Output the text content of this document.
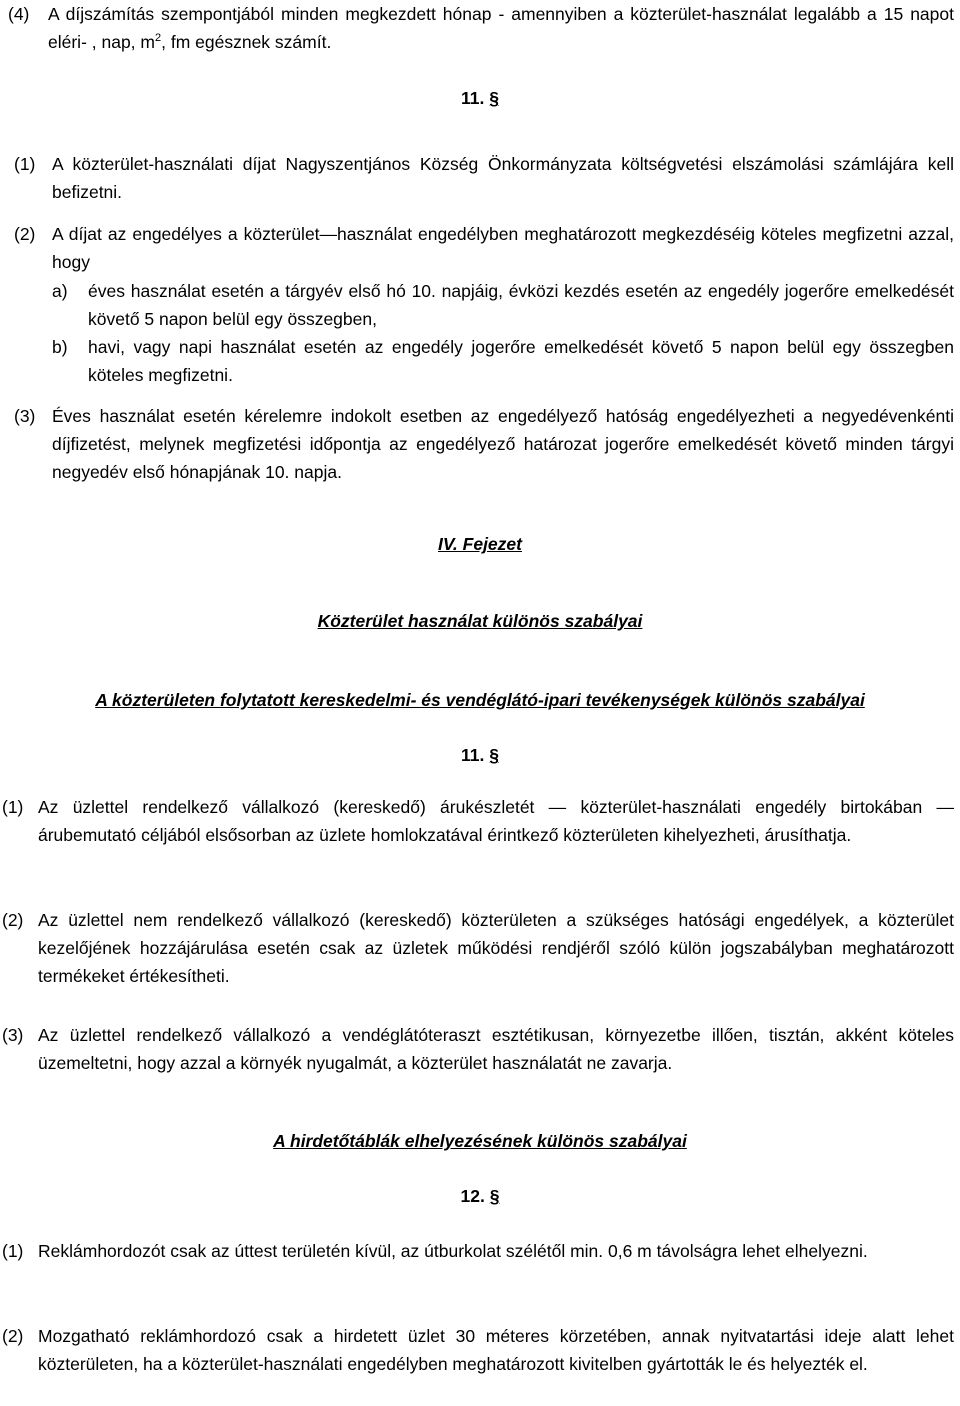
(4)	A díjszámítás szempontjából minden megkezdett hónap - amennyiben a közterület-használat legalább a 15 napot eléri- , nap, $m^2$, fm egésznek számít.
11. §
(1) A közterület-használati díjat Nagyszentjános Község Önkormányzata költségvetési elszámolási számlájára kell befizetni.
(2) A díjat az engedélyes a közterület—használat engedélyben meghatározott megkezdéséig köteles megfizetni azzal, hogy
a)	éves használat esetén a tárgyév első hó 10. napjáig, évközi kezdés esetén az engedély jogerőre emelkedését követő 5 napon belül egy összegben,
b)	havi, vagy napi használat esetén az engedély jogerőre emelkedését követő 5 napon belül egy összegben köteles megfizetni.
(3) Éves használat esetén kérelemre indokolt esetben az engedélyező hatóság engedélyezheti a negyedévenkénti díjfizetést, melynek megfizetési időpontja az engedélyező határozat jogerőre emelkedését követő minden tárgyi negyedév első hónapjának 10. napja.
IV. Fejezet
Közterület használat különös szabályai
A közterületen folytatott kereskedelmi- és vendéglátó-ipari tevékenységek különös szabályai
11. §
(1) Az üzlettel rendelkező vállalkozó (kereskedő) árukészletét — közterület-használati engedély birtokában — árubemutató céljából elsősorban az üzlete homlokzatával érintkező közterületen kihelyezheti, árusíthatja.
(2) Az üzlettel nem rendelkező vállalkozó (kereskedő) közterületen a szükséges hatósági engedélyek, a közterület kezelőjének hozzájárulása esetén csak az üzletek működési rendjéről szóló külön jogszabályban meghatározott termékeket értékesítheti.
(3) Az üzlettel rendelkező vállalkozó a vendéglátóteraszt esztétikusan, környezetbe illően, tisztán, akként köteles üzemeltetni, hogy azzal a környék nyugalmát, a közterület használatát ne zavarja.
A hirdetőtáblák elhelyezésének különös szabályai
12. §
(1) Reklámhordozót csak az úttest területén kívül, az útburkolat szélétől min. 0,6 m távolságra lehet elhelyezni.
(2) Mozgatható reklámhordozó csak a hirdetett üzlet 30 méteres körzetében, annak nyitvatartási ideje alatt lehet közterületen, ha a közterület-használati engedélyben meghatározott kivitelben gyártották le és helyezték el.
